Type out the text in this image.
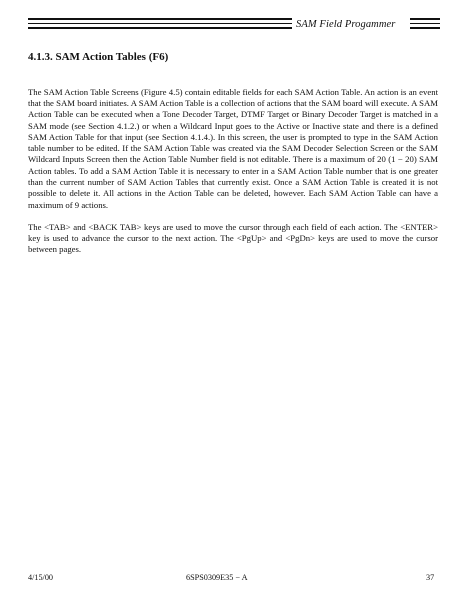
SAM Field Progammer
4.1.3. SAM Action Tables (F6)

The SAM Action Table Screens (Figure 4.5) contain editable fields for each SAM Action Table. An action is an event that the SAM board initiates. A SAM Action Table is a collection of actions that the SAM board will execute. A SAM Action Table can be executed when a Tone Decoder Target, DTMF Target or Binary Decoder Target is matched in a SAM mode (see Section 4.1.2.) or when a Wildcard Input goes to the Active or Inactive state and there is a defined SAM Action Table for that input (see Section 4.1.4.). In this screen, the user is prompted to type in the SAM Action table number to be edited. If the SAM Action Table was created via the SAM Decoder Selection Screen or the SAM Wildcard Inputs Screen then the Action Table Number field is not editable. There is a maximum of 20 (1 − 20) SAM Action tables. To add a SAM Action Table it is necessary to enter in a SAM Action Table number that is one greater than the current number of SAM Action Tables that currently exist. Once a SAM Action Table is created it is not possible to delete it. All actions in the Action Table can be deleted, however. Each SAM Action Table can have a maximum of 9 actions.

The <TAB> and <BACK TAB> keys are used to move the cursor through each field of each action. The <ENTER> key is used to advance the cursor to the next action. The <PgUp> and <PgDn> keys are used to move the cursor between pages.

4/15/00	6SPS0309E35 − A	37
